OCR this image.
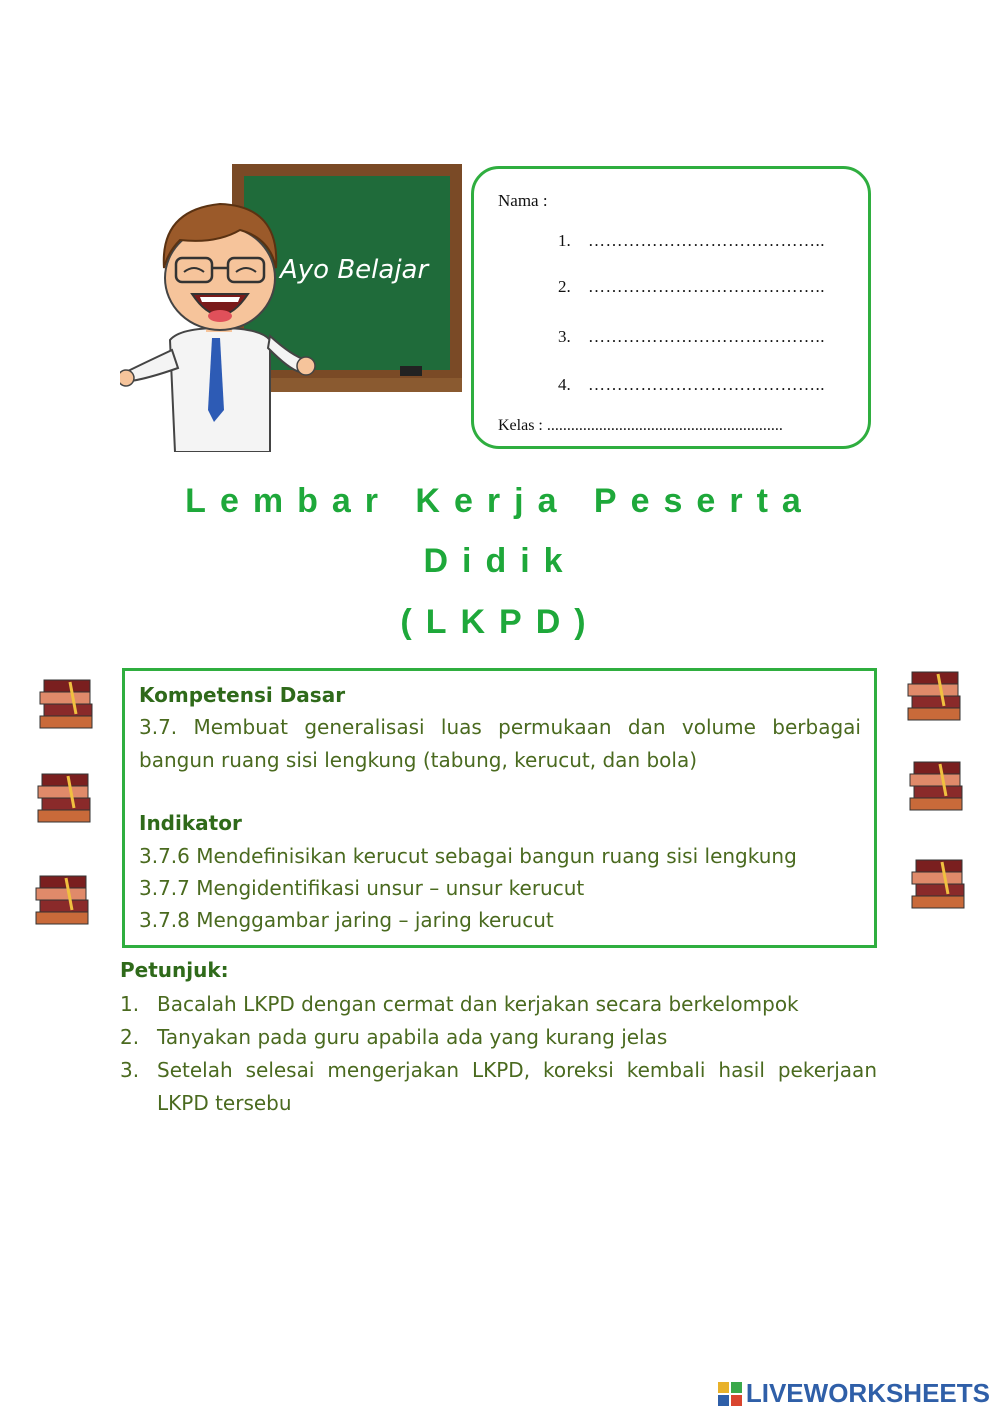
Ayo Belajar
Nama :
1. …………………………………..
2. …………………………………..
3. …………………………………..
4. …………………………………..
Kelas : ...........................................................
Lembar Kerja Peserta
Didik
(LKPD)
Kompetensi Dasar
3.7. Membuat generalisasi luas permukaan dan volume berbagai bangun ruang sisi lengkung (tabung, kerucut, dan bola)
Indikator
3.7.6 Mendefinisikan kerucut sebagai bangun ruang sisi lengkung
3.7.7 Mengidentifikasi unsur – unsur kerucut
3.7.8 Menggambar jaring – jaring kerucut
Petunjuk:
1. Bacalah LKPD dengan cermat dan kerjakan secara berkelompok
2. Tanyakan pada guru apabila ada yang kurang jelas
3. Setelah selesai mengerjakan LKPD, koreksi kembali hasil pekerjaan LKPD tersebu
LIVEWORKSHEETS
